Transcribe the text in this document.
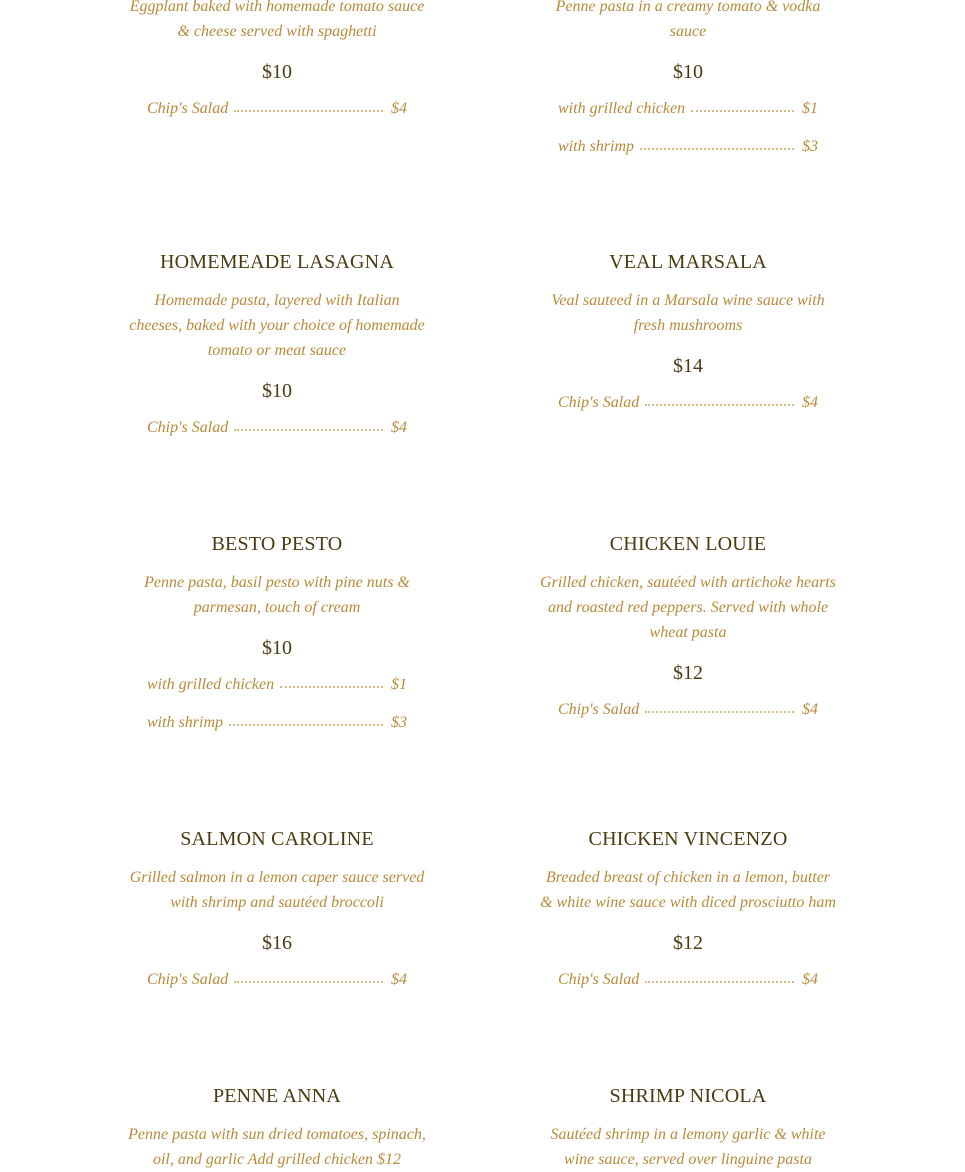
Eggplant baked with homemade tomato sauce & cheese served with spaghetti
$10
Chip's Salad	$4
HOMEMEADE LASAGNA
Homemade pasta, layered with Italian cheeses, baked with your choice of homemade tomato or meat sauce
$10
Chip's Salad	$4
BESTO PESTO
Penne pasta, basil pesto with pine nuts & parmesan, touch of cream
$10
with grilled chicken	$1
with shrimp	$3
SALMON CAROLINE
Grilled salmon in a lemon caper sauce served with shrimp and sautéed broccoli
$16
Chip's Salad	$4
PENNE ANNA
Penne pasta with sun dried tomatoes, spinach, oil, and garlic Add grilled chicken $12
Penne pasta in a creamy tomato & vodka sauce
$10
with grilled chicken	$1
with shrimp	$3
VEAL MARSALA
Veal sauteed in a Marsala wine sauce with fresh mushrooms
$14
Chip's Salad	$4
CHICKEN LOUIE
Grilled chicken, sautéed with artichoke hearts and roasted red peppers. Served with whole wheat pasta
$12
Chip's Salad	$4
CHICKEN VINCENZO
Breaded breast of chicken in a lemon, butter & white wine sauce with diced prosciutto ham
$12
Chip's Salad	$4
SHRIMP NICOLA
Sautéed shrimp in a lemony garlic & white wine sauce, served over linguine pasta
